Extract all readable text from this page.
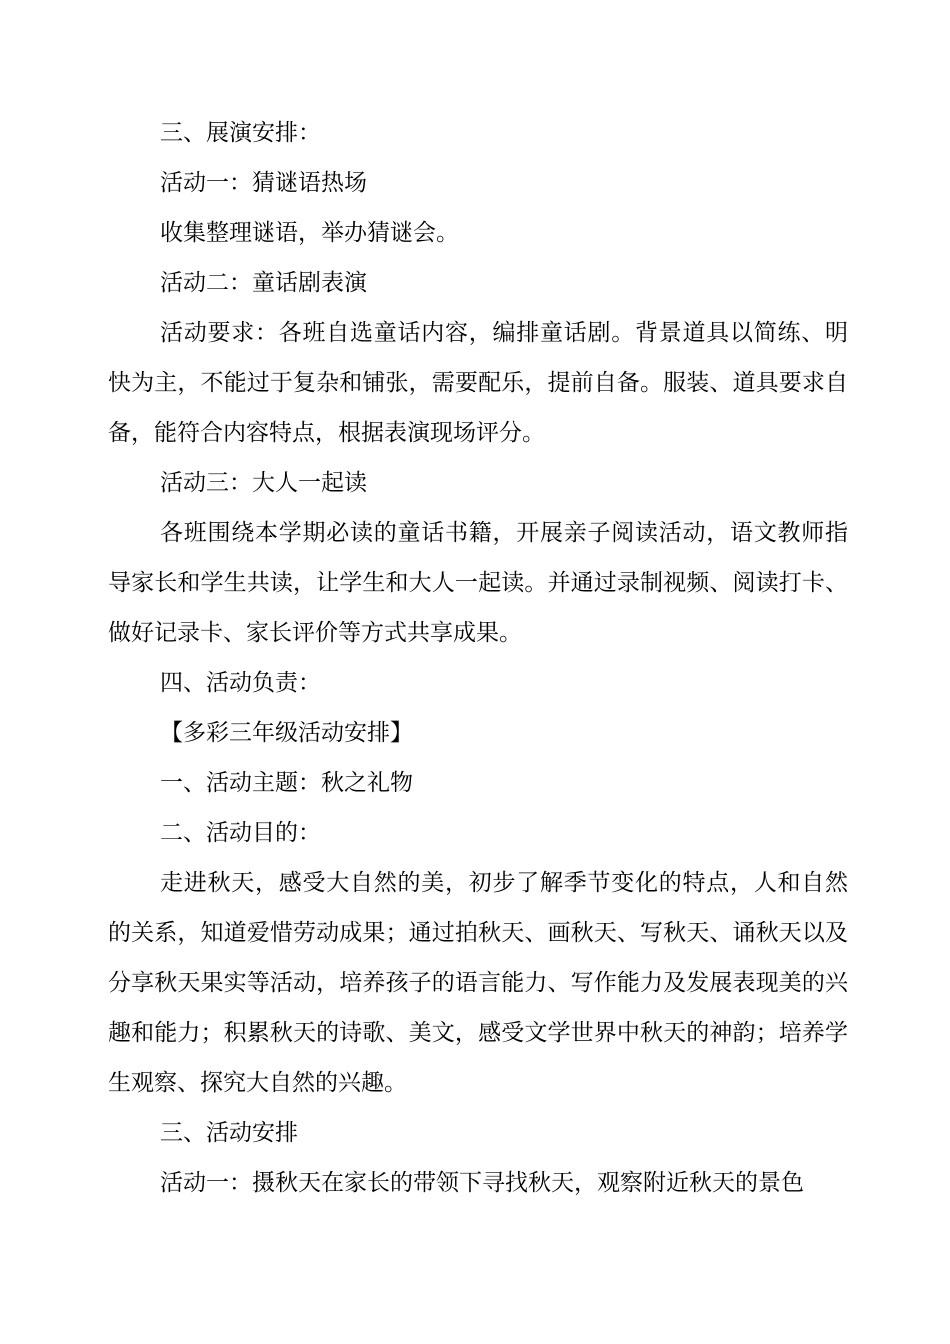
三、展演安排：

活动一：猜谜语热场

收集整理谜语，举办猜谜会。

活动二：童话剧表演

活动要求：各班自选童话内容，编排童话剧。背景道具以简练、明快为主，不能过于复杂和铺张，需要配乐，提前自备。服装、道具要求自备，能符合内容特点，根据表演现场评分。

活动三：大人一起读

各班围绕本学期必读的童话书籍，开展亲子阅读活动，语文教师指导家长和学生共读，让学生和大人一起读。并通过录制视频、阅读打卡、做好记录卡、家长评价等方式共享成果。

四、活动负责：

【多彩三年级活动安排】

一、活动主题：秋之礼物

二、活动目的：

走进秋天，感受大自然的美，初步了解季节变化的特点，人和自然的关系，知道爱惜劳动成果；通过拍秋天、画秋天、写秋天、诵秋天以及分享秋天果实等活动，培养孩子的语言能力、写作能力及发展表现美的兴趣和能力；积累秋天的诗歌、美文，感受文学世界中秋天的神韵；培养学生观察、探究大自然的兴趣。

三、活动安排

活动一：摄秋天在家长的带领下寻找秋天，观察附近秋天的景色
